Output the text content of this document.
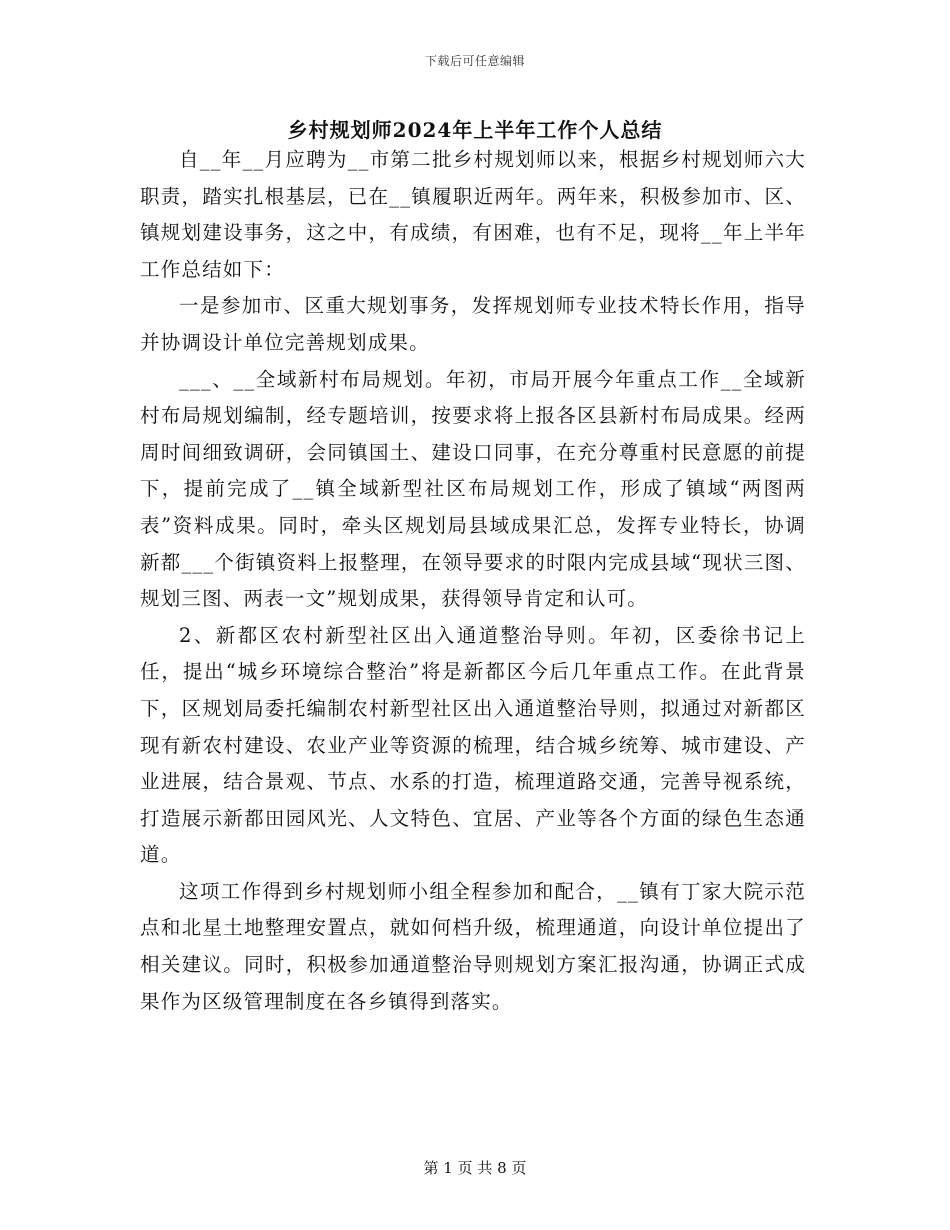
下载后可任意编辑
乡村规划师2024年上半年工作个人总结

自__年__月应聘为__市第二批乡村规划师以来，根据乡村规划师六大职责，踏实扎根基层，已在__镇履职近两年。两年来，积极参加市、区、镇规划建设事务，这之中，有成绩，有困难，也有不足，现将__年上半年工作总结如下：

一是参加市、区重大规划事务，发挥规划师专业技术特长作用，指导并协调设计单位完善规划成果。

___、__全域新村布局规划。年初，市局开展今年重点工作__全域新村布局规划编制，经专题培训，按要求将上报各区县新村布局成果。经两周时间细致调研，会同镇国土、建设口同事，在充分尊重村民意愿的前提下，提前完成了__镇全域新型社区布局规划工作，形成了镇域“两图两表”资料成果。同时，牵头区规划局县域成果汇总，发挥专业特长，协调新都___个街镇资料上报整理，在领导要求的时限内完成县域“现状三图、规划三图、两表一文”规划成果，获得领导肯定和认可。

2、新都区农村新型社区出入通道整治导则。年初，区委徐书记上任，提出“城乡环境综合整治”将是新都区今后几年重点工作。在此背景下，区规划局委托编制农村新型社区出入通道整治导则，拟通过对新都区现有新农村建设、农业产业等资源的梳理，结合城乡统筹、城市建设、产业进展，结合景观、节点、水系的打造，梳理道路交通，完善导视系统，打造展示新都田园风光、人文特色、宜居、产业等各个方面的绿色生态通道。

这项工作得到乡村规划师小组全程参加和配合，__镇有丁家大院示范点和北星土地整理安置点，就如何档升级，梳理通道，向设计单位提出了相关建议。同时，积极参加通道整治导则规划方案汇报沟通，协调正式成果作为区级管理制度在各乡镇得到落实。

第 1 页 共 8 页
